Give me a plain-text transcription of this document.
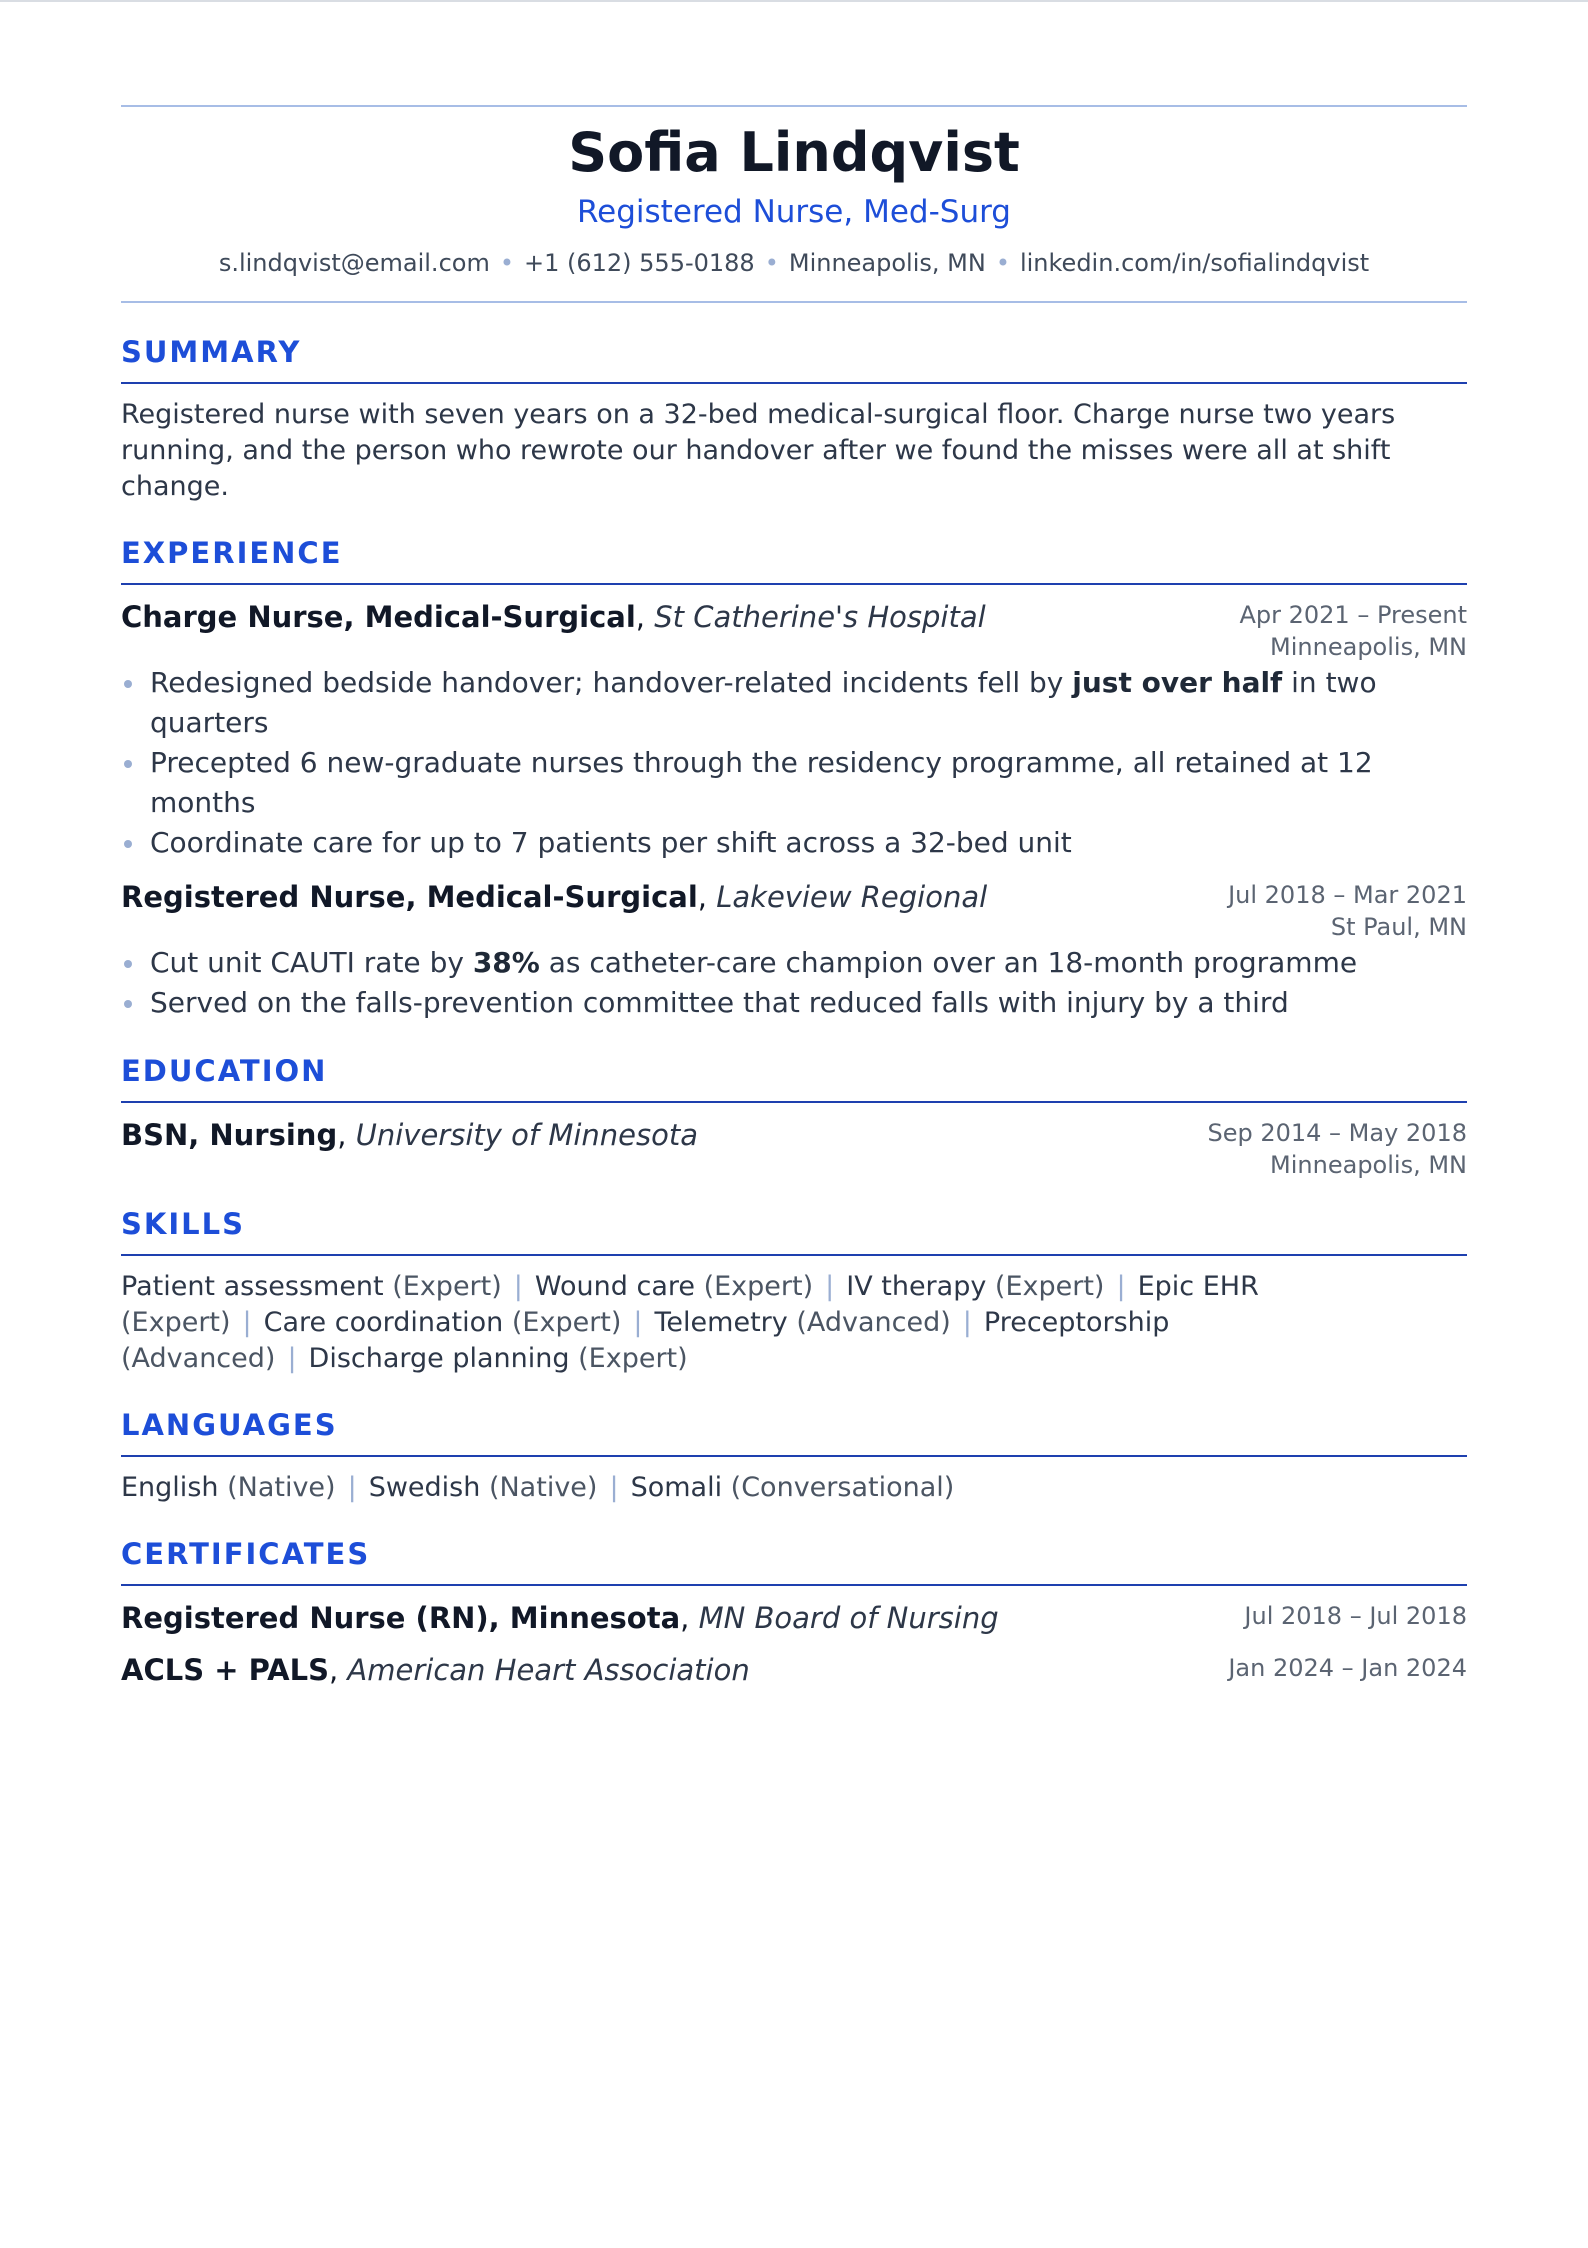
Sofia Lindqvist
Registered Nurse, Med-Surg
s.lindqvist@email.com • +1 (612) 555-0188 • Minneapolis, MN • linkedin.com/in/sofialindqvist
SUMMARY
Registered nurse with seven years on a 32-bed medical-surgical floor. Charge nurse two years running, and the person who rewrote our handover after we found the misses were all at shift change.
EXPERIENCE
Charge Nurse, Medical-Surgical, St Catherine's Hospital	Apr 2021 – Present
Minneapolis, MN
Redesigned bedside handover; handover-related incidents fell by just over half in two quarters
Precepted 6 new-graduate nurses through the residency programme, all retained at 12 months
Coordinate care for up to 7 patients per shift across a 32-bed unit
Registered Nurse, Medical-Surgical, Lakeview Regional	Jul 2018 – Mar 2021
St Paul, MN
Cut unit CAUTI rate by 38% as catheter-care champion over an 18-month programme
Served on the falls-prevention committee that reduced falls with injury by a third
EDUCATION
BSN, Nursing, University of Minnesota	Sep 2014 – May 2018
Minneapolis, MN
SKILLS
Patient assessment (Expert) | Wound care (Expert) | IV therapy (Expert) | Epic EHR (Expert) | Care coordination (Expert) | Telemetry (Advanced) | Preceptorship (Advanced) | Discharge planning (Expert)
LANGUAGES
English (Native) | Swedish (Native) | Somali (Conversational)
CERTIFICATES
Registered Nurse (RN), Minnesota, MN Board of Nursing	Jul 2018 – Jul 2018
ACLS + PALS, American Heart Association	Jan 2024 – Jan 2024
